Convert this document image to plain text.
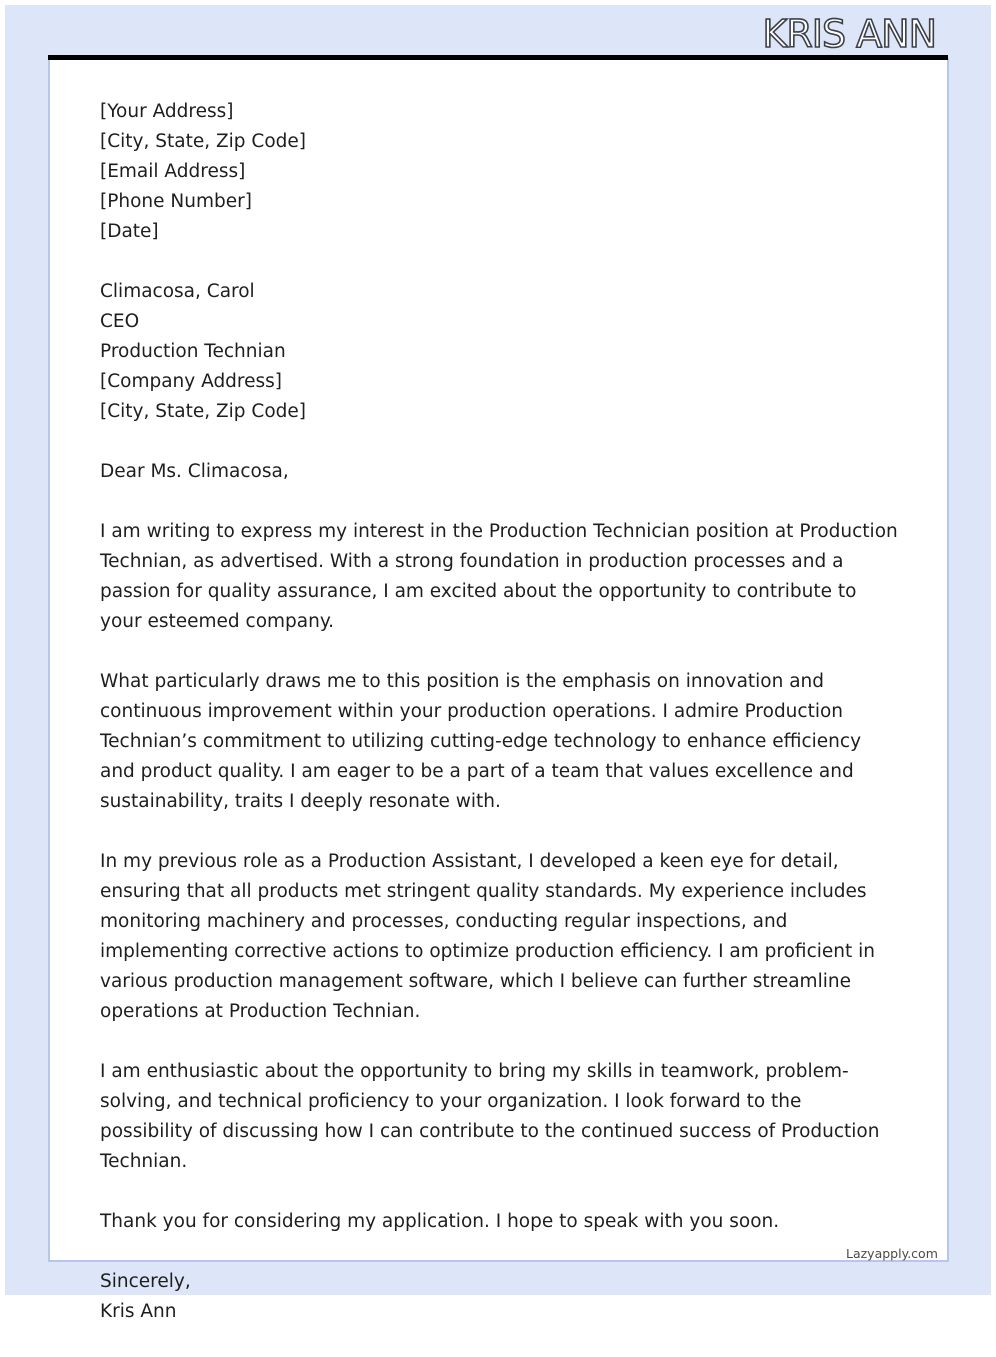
KRIS ANN
[Your Address]
[City, State, Zip Code]
[Email Address]
[Phone Number]
[Date]
Climacosa, Carol
CEO
Production Technian
[Company Address]
[City, State, Zip Code]

Dear Ms. Climacosa,

I am writing to express my interest in the Production Technician position at Production Technian, as advertised. With a strong foundation in production processes and a passion for quality assurance, I am excited about the opportunity to contribute to your esteemed company.

What particularly draws me to this position is the emphasis on innovation and continuous improvement within your production operations. I admire Production Technian’s commitment to utilizing cutting-edge technology to enhance efficiency and product quality. I am eager to be a part of a team that values excellence and sustainability, traits I deeply resonate with.

In my previous role as a Production Assistant, I developed a keen eye for detail, ensuring that all products met stringent quality standards. My experience includes monitoring machinery and processes, conducting regular inspections, and implementing corrective actions to optimize production efficiency. I am proficient in various production management software, which I believe can further streamline operations at Production Technian.

I am enthusiastic about the opportunity to bring my skills in teamwork, problem-solving, and technical proficiency to your organization. I look forward to the possibility of discussing how I can contribute to the continued success of Production Technian.

Thank you for considering my application. I hope to speak with you soon.

Sincerely,
Kris Ann
Lazyapply.com
